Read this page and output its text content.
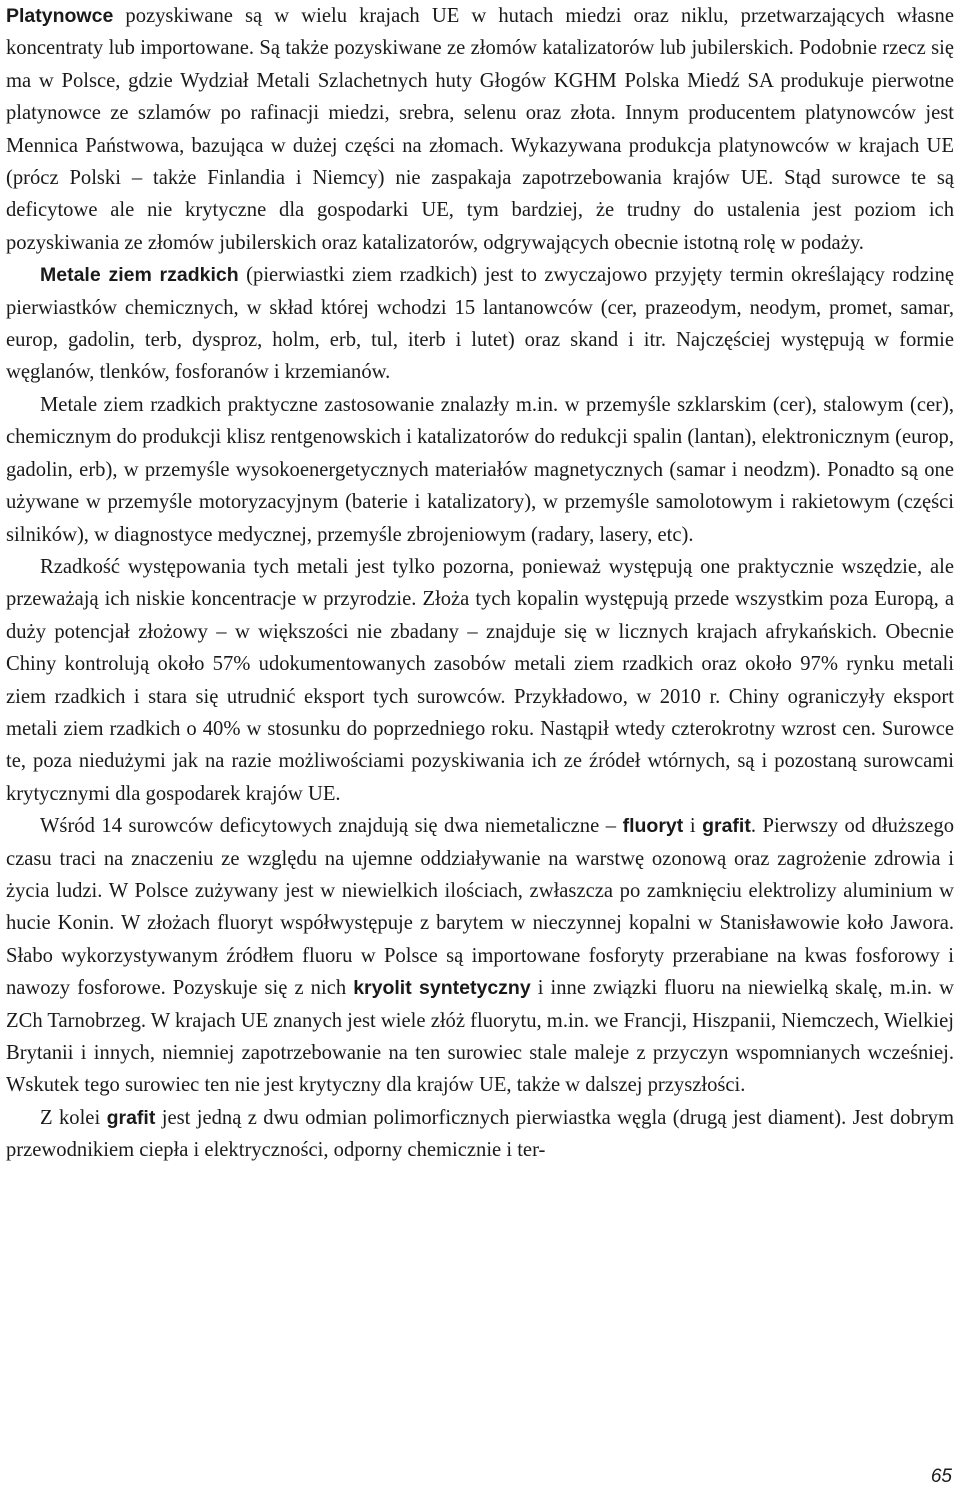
Platynowce pozyskiwane są w wielu krajach UE w hutach miedzi oraz niklu, przetwarzających własne koncentraty lub importowane. Są także pozyskiwane ze złomów katalizatorów lub jubilerskich. Podobnie rzecz się ma w Polsce, gdzie Wydział Metali Szlachetnych huty Głogów KGHM Polska Miedź SA produkuje pierwotne platynowce ze szlamów po rafinacji miedzi, srebra, selenu oraz złota. Innym producentem platynowców jest Mennica Państwowa, bazująca w dużej części na złomach. Wykazywana produkcja platynowców w krajach UE (prócz Polski – także Finlandia i Niemcy) nie zaspakaja zapotrzebowania krajów UE. Stąd surowce te są deficytowe ale nie krytyczne dla gospodarki UE, tym bardziej, że trudny do ustalenia jest poziom ich pozyskiwania ze złomów jubilerskich oraz katalizatorów, odgrywających obecnie istotną rolę w podaży.

Metale ziem rzadkich (pierwiastki ziem rzadkich) jest to zwyczajowo przyjęty termin określający rodzinę pierwiastków chemicznych, w skład której wchodzi 15 lantanowców (cer, prazeodym, neodym, promet, samar, europ, gadolin, terb, dysproz, holm, erb, tul, iterb i lutet) oraz skand i itr. Najczęściej występują w formie węglanów, tlenków, fosforanów i krzemianów.

Metale ziem rzadkich praktyczne zastosowanie znalazły m.in. w przemyśle szklarskim (cer), stalowym (cer), chemicznym do produkcji klisz rentgenowskich i katalizatorów do redukcji spalin (lantan), elektronicznym (europ, gadolin, erb), w przemyśle wysokoenergetycznych materiałów magnetycznych (samar i neodzm). Ponadto są one używane w przemyśle motoryzacyjnym (baterie i katalizatory), w przemyśle samolotowym i rakietowym (części silników), w diagnostyce medycznej, przemyśle zbrojeniowym (radary, lasery, etc).

Rzadkość występowania tych metali jest tylko pozorna, ponieważ występują one praktycznie wszędzie, ale przeważają ich niskie koncentracje w przyrodzie. Złoża tych kopalin występują przede wszystkim poza Europą, a duży potencjał złożowy – w większości nie zbadany – znajduje się w licznych krajach afrykańskich. Obecnie Chiny kontrolują około 57% udokumentowanych zasobów metali ziem rzadkich oraz około 97% rynku metali ziem rzadkich i stara się utrudnić eksport tych surowców. Przykładowo, w 2010 r. Chiny ograniczyły eksport metali ziem rzadkich o 40% w stosunku do poprzedniego roku. Nastąpił wtedy czterokrotny wzrost cen. Surowce te, poza niedużymi jak na razie możliwościami pozyskiwania ich ze źródeł wtórnych, są i pozostaną surowcami krytycznymi dla gospodarek krajów UE.

Wśród 14 surowców deficytowych znajdują się dwa niemetaliczne – fluoryt i grafit. Pierwszy od dłuższego czasu traci na znaczeniu ze względu na ujemne oddziaływanie na warstwę ozonową oraz zagrożenie zdrowia i życia ludzi. W Polsce zużywany jest w niewielkich ilościach, zwłaszcza po zamknięciu elektrolizy aluminium w hucie Konin. W złożach fluoryt współwystępuje z barytem w nieczynnej kopalni w Stanisławowie koło Jawora. Słabo wykorzystywanym źródłem fluoru w Polsce są importowane fosforyty przerabiane na kwas fosforowy i nawozy fosforowe. Pozyskuje się z nich kryolit syntetyczny i inne związki fluoru na niewielką skalę, m.in. w ZCh Tarnobrzeg. W krajach UE znanych jest wiele złóż fluorytu, m.in. we Francji, Hiszpanii, Niemczech, Wielkiej Brytanii i innych, niemniej zapotrzebowanie na ten surowiec stale maleje z przyczyn wspomnianych wcześniej. Wskutek tego surowiec ten nie jest krytyczny dla krajów UE, także w dalszej przyszłości.

Z kolei grafit jest jedną z dwu odmian polimorficznych pierwiastka węgla (drugą jest diament). Jest dobrym przewodnikiem ciepła i elektryczności, odporny chemicznie i ter-

65
